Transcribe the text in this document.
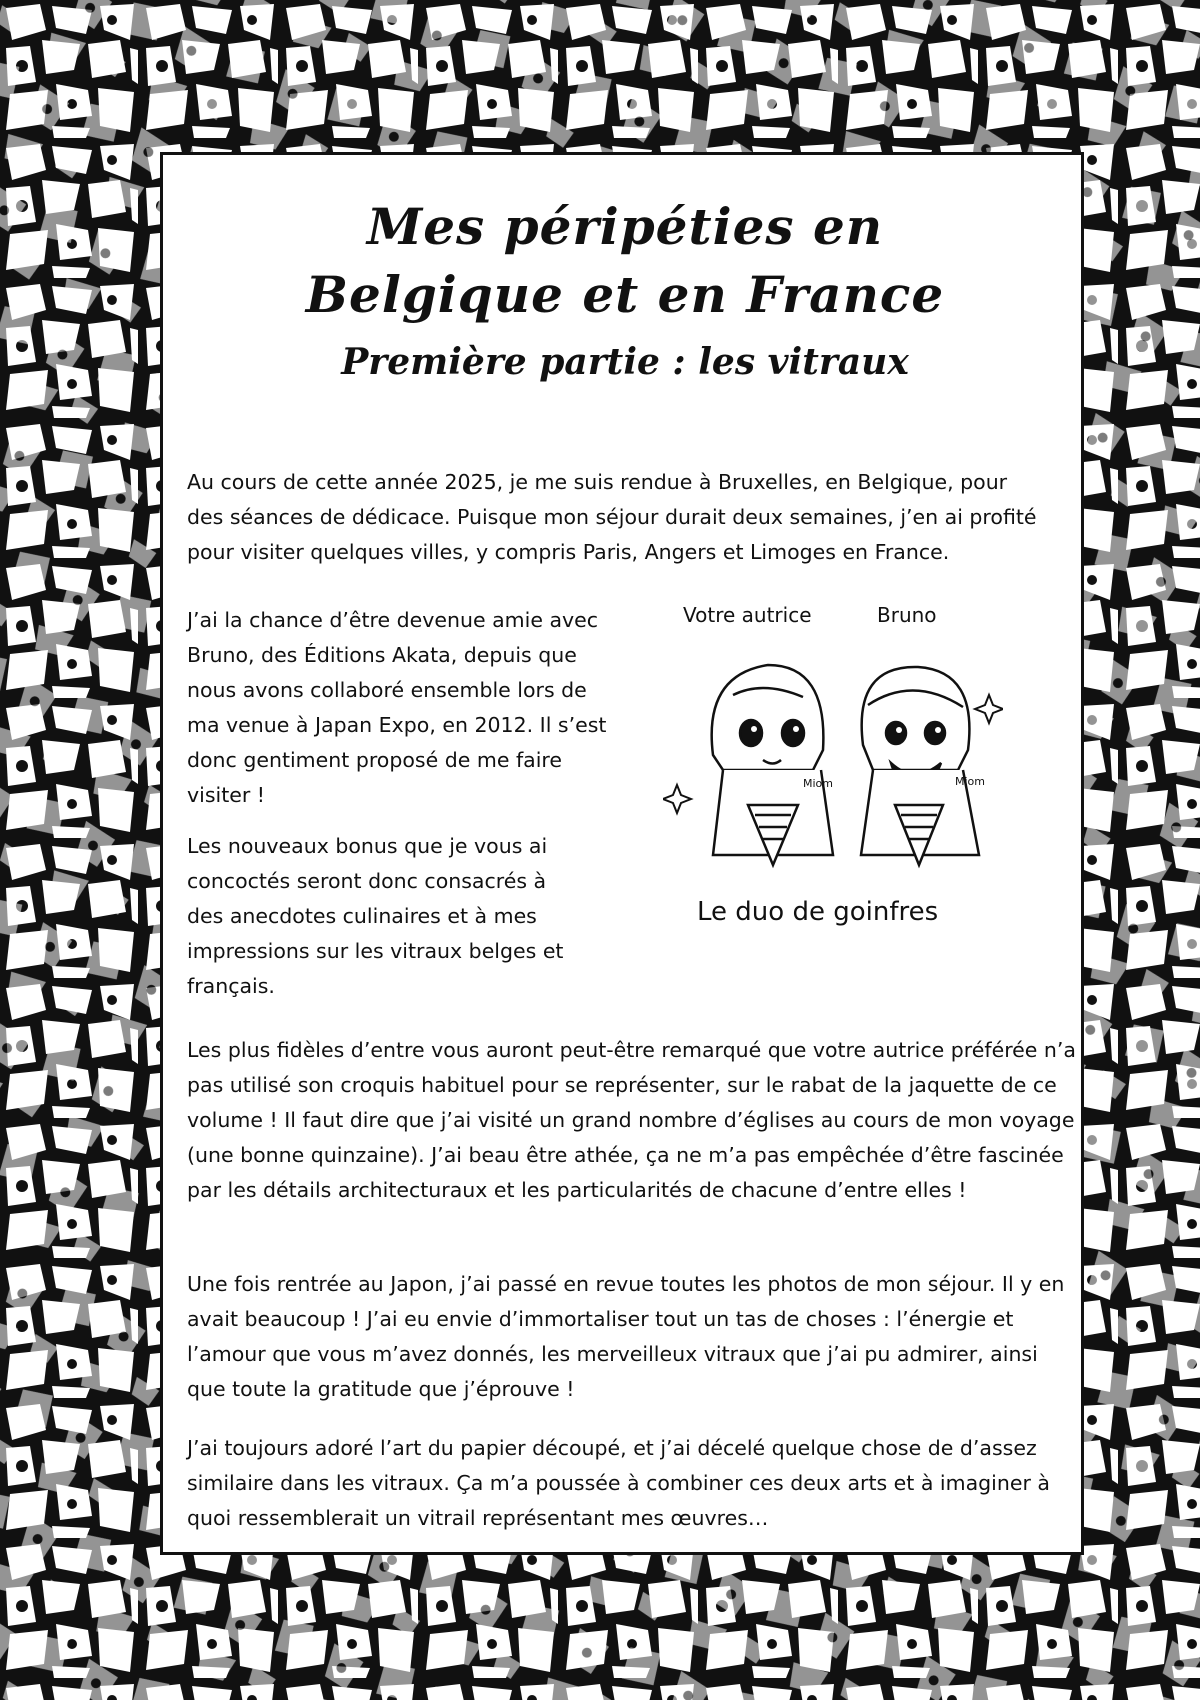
Mes péripéties en
Belgique et en France
Première partie : les vitraux

Au cours de cette année 2025, je me suis rendue à Bruxelles, en Belgique, pour des séances de dédicace. Puisque mon séjour durait deux semaines, j’en ai profité pour visiter quelques villes, y compris Paris, Angers et Limoges en France.

J’ai la chance d’être devenue amie avec Bruno, des Éditions Akata, depuis que nous avons collaboré ensemble lors de ma venue à Japan Expo, en 2012. Il s’est donc gentiment proposé de me faire visiter !

Les nouveaux bonus que je vous ai concoctés seront donc consacrés à des anecdotes culinaires et à mes impressions sur les vitraux belges et français.

Votre autrice	Bruno
Miom	Miom
Le duo de goinfres

Les plus fidèles d’entre vous auront peut-être remarqué que votre autrice préférée n’a pas utilisé son croquis habituel pour se représenter, sur le rabat de la jaquette de ce volume ! Il faut dire que j’ai visité un grand nombre d’églises au cours de mon voyage (une bonne quinzaine). J’ai beau être athée, ça ne m’a pas empêchée d’être fascinée par les détails architecturaux et les particularités de chacune d’entre elles !

Une fois rentrée au Japon, j’ai passé en revue toutes les photos de mon séjour. Il y en avait beaucoup ! J’ai eu envie d’immortaliser tout un tas de choses : l’énergie et l’amour que vous m’avez donnés, les merveilleux vitraux que j’ai pu admirer, ainsi que toute la gratitude que j’éprouve !

J’ai toujours adoré l’art du papier découpé, et j’ai décelé quelque chose de d’assez similaire dans les vitraux. Ça m’a poussée à combiner ces deux arts et à imaginer à quoi ressemblerait un vitrail représentant mes œuvres…
